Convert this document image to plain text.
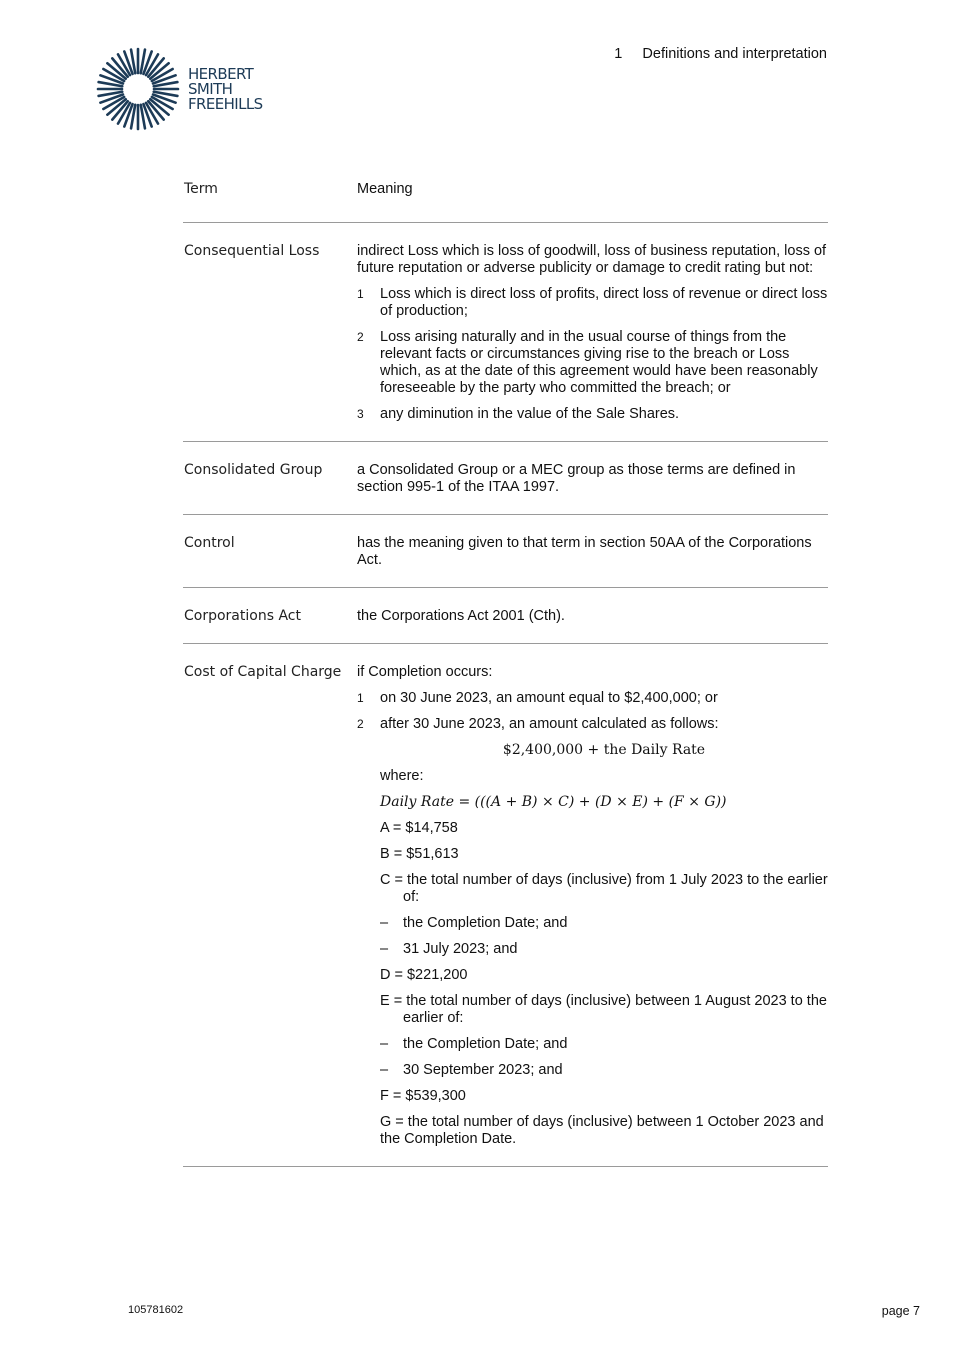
HERBERT
SMITH
FREEHILLS
1 Definitions and interpretation
Term	Meaning
Consequential Loss	indirect Loss which is loss of goodwill, loss of business reputation, loss of future reputation or adverse publicity or damage to credit rating but not:

1	Loss which is direct loss of profits, direct loss of revenue or direct loss of production;
2	Loss arising naturally and in the usual course of things from the relevant facts or circumstances giving rise to the breach or Loss which, as at the date of this agreement would have been reasonably foreseeable by the party who committed the breach; or
3	any diminution in the value of the Sale Shares.
Consolidated Group	a Consolidated Group or a MEC group as those terms are defined in section 995-1 of the ITAA 1997.
Control	has the meaning given to that term in section 50AA of the Corporations Act.
Corporations Act	the Corporations Act 2001 (Cth).
Cost of Capital Charge	if Completion occurs:

1	on 30 June 2023, an amount equal to $2,400,000; or
2	after 30 June 2023, an amount calculated as follows:
$2,400,000 + the Daily Rate
where:
Daily Rate = (((A + B) × C) + (D × E) + (F × G))
A = $14,758
B = $51,613
C = the total number of days (inclusive) from 1 July 2023 to the earlier of:
–	the Completion Date; and
–	31 July 2023; and
D = $221,200
E = the total number of days (inclusive) between 1 August 2023 to the earlier of:
–	the Completion Date; and
–	30 September 2023; and
F = $539,300
G = the total number of days (inclusive) between 1 October 2023 and the Completion Date.
105781602	page 7
